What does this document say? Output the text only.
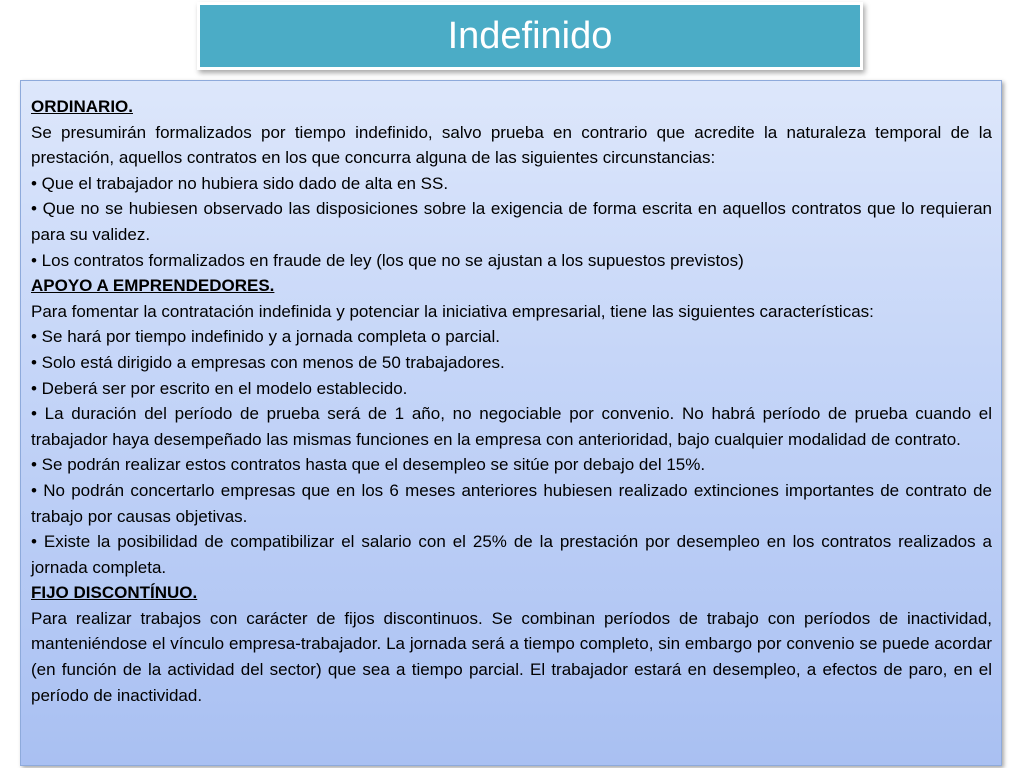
Indefinido

ORDINARIO.

Se presumirán formalizados por tiempo indefinido, salvo prueba en contrario que acredite la naturaleza temporal de la prestación, aquellos contratos en los que concurra alguna de las siguientes circunstancias:

• Que el trabajador no hubiera sido dado de alta en SS.

• Que no se hubiesen observado las disposiciones sobre la exigencia de forma escrita en aquellos contratos que lo requieran para su validez.

• Los contratos formalizados en fraude de ley (los que no se ajustan a los supuestos previstos)

APOYO A EMPRENDEDORES.

Para fomentar la contratación indefinida y potenciar la iniciativa empresarial, tiene las siguientes características:

• Se hará por tiempo indefinido y a jornada completa o parcial.

• Solo está dirigido a empresas con menos de 50 trabajadores.

• Deberá ser por escrito en el modelo establecido.

• La duración del período de prueba será de 1 año, no negociable por convenio. No habrá período de prueba cuando el trabajador haya desempeñado las mismas funciones en la empresa con anterioridad, bajo cualquier modalidad de contrato.

• Se podrán realizar estos contratos hasta que el desempleo se sitúe por debajo del 15%.

• No podrán concertarlo empresas que en los 6 meses anteriores hubiesen realizado extinciones importantes de contrato de trabajo por causas objetivas.

• Existe la posibilidad de compatibilizar el salario con el 25% de la prestación por desempleo en los contratos realizados a jornada completa.

FIJO DISCONTÍNUO.

Para realizar trabajos con carácter de fijos discontinuos. Se combinan períodos de trabajo con períodos de inactividad, manteniéndose el vínculo empresa-trabajador. La jornada será a tiempo completo, sin embargo por convenio se puede acordar (en función de la actividad del sector) que sea a tiempo parcial. El trabajador estará en desempleo, a efectos de paro, en el período de inactividad.
